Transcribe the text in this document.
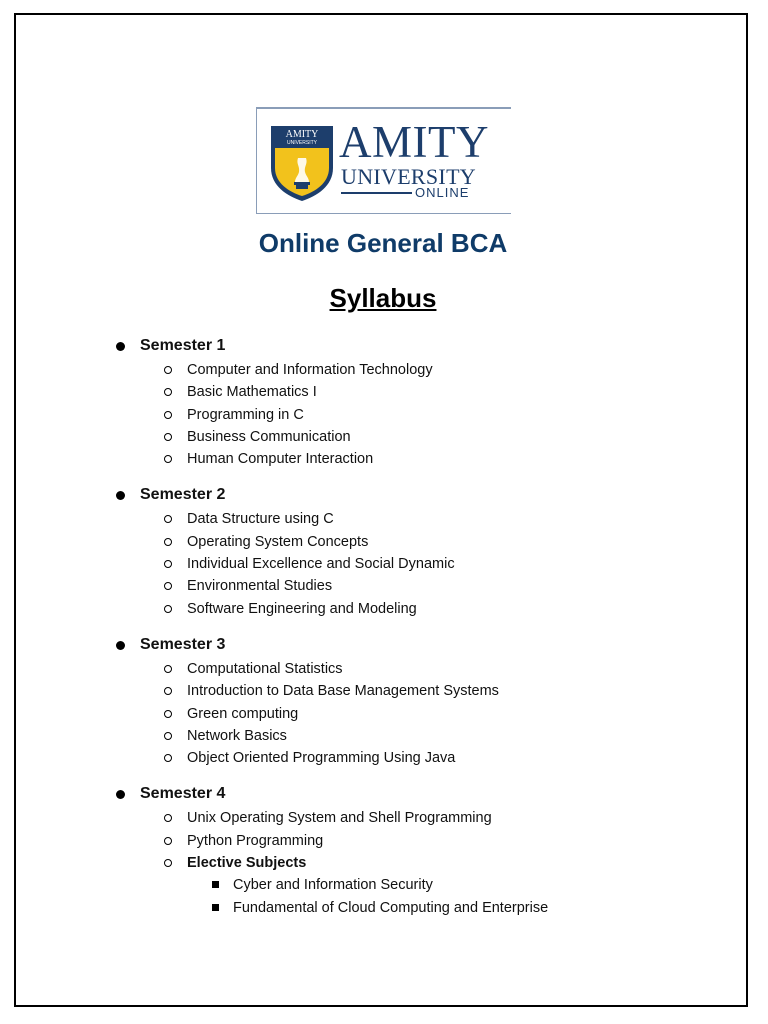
AMITY
UNIVERSITY AMITY
UNIVERSITY
ONLINE
Online General BCA
Syllabus
Semester 1
Computer and Information Technology
Basic Mathematics I
Programming in C
Business Communication
Human Computer Interaction
Semester 2
Data Structure using C
Operating System Concepts
Individual Excellence and Social Dynamic
Environmental Studies
Software Engineering and Modeling
Semester 3
Computational Statistics
Introduction to Data Base Management Systems
Green computing
Network Basics
Object Oriented Programming Using Java
Semester 4
Unix Operating System and Shell Programming
Python Programming
Elective Subjects
Cyber and Information Security
Fundamental of Cloud Computing and Enterprise
